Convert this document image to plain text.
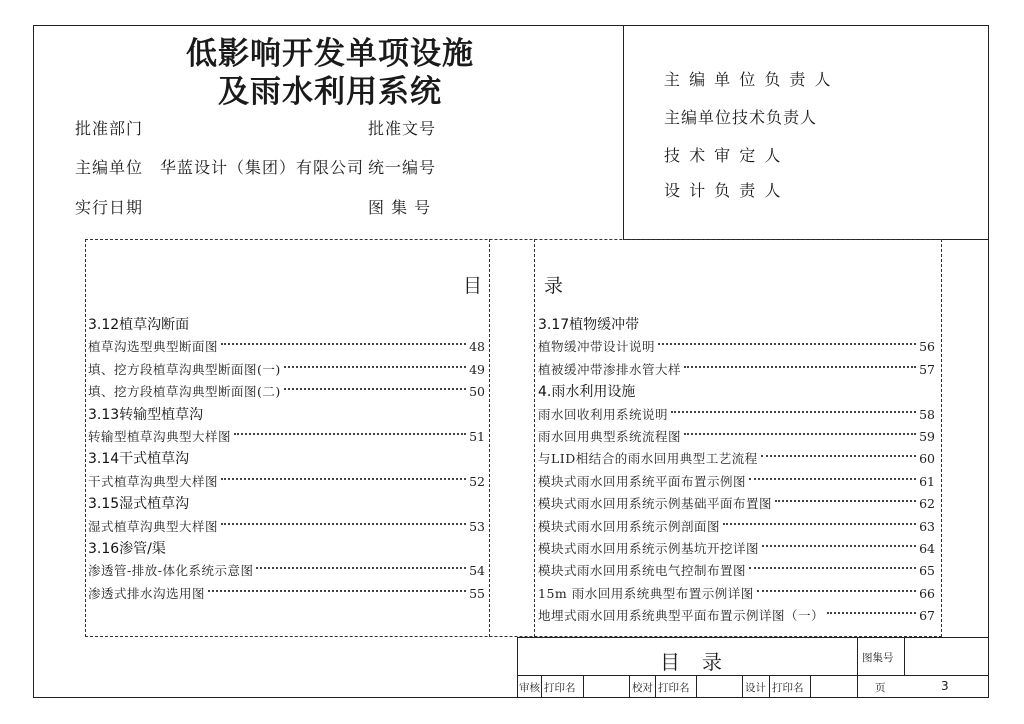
低影响开发单项设施
及雨水利用系统
批准部门
主编单位 华蓝设计（集团）有限公司
实行日期
批准文号
统一编号
图 集 号
主 编 单 位 负 责 人
主编单位技术负责人
技 术 审 定 人
设 计 负 责 人
目	录
3.12植草沟断面
植草沟选型典型断面图	48
填、挖方段植草沟典型断面图(一)	49
填、挖方段植草沟典型断面图(二)	50
3.13转输型植草沟
转输型植草沟典型大样图	51
3.14干式植草沟
干式植草沟典型大样图	52
3.15湿式植草沟
湿式植草沟典型大样图	53
3.16渗管/渠
渗透管-排放-体化系统示意图	54
渗透式排水沟选用图	55
3.17植物缓冲带
植物缓冲带设计说明	56
植被缓冲带渗排水管大样	57
4.雨水利用设施
雨水回收利用系统说明	58
雨水回用典型系统流程图	59
与LID相结合的雨水回用典型工艺流程	60
模块式雨水回用系统平面布置示例图	61
模块式雨水回用系统示例基础平面布置图	62
模块式雨水回用系统示例剖面图	63
模块式雨水回用系统示例基坑开挖详图	64
模块式雨水回用系统电气控制布置图	65
15m 雨水回用系统典型布置示例详图	66
地埋式雨水回用系统典型平面布置示例详图（一）	67
目录	图集号
审核 打印名	校对 打印名	设计 打印名	页	3
